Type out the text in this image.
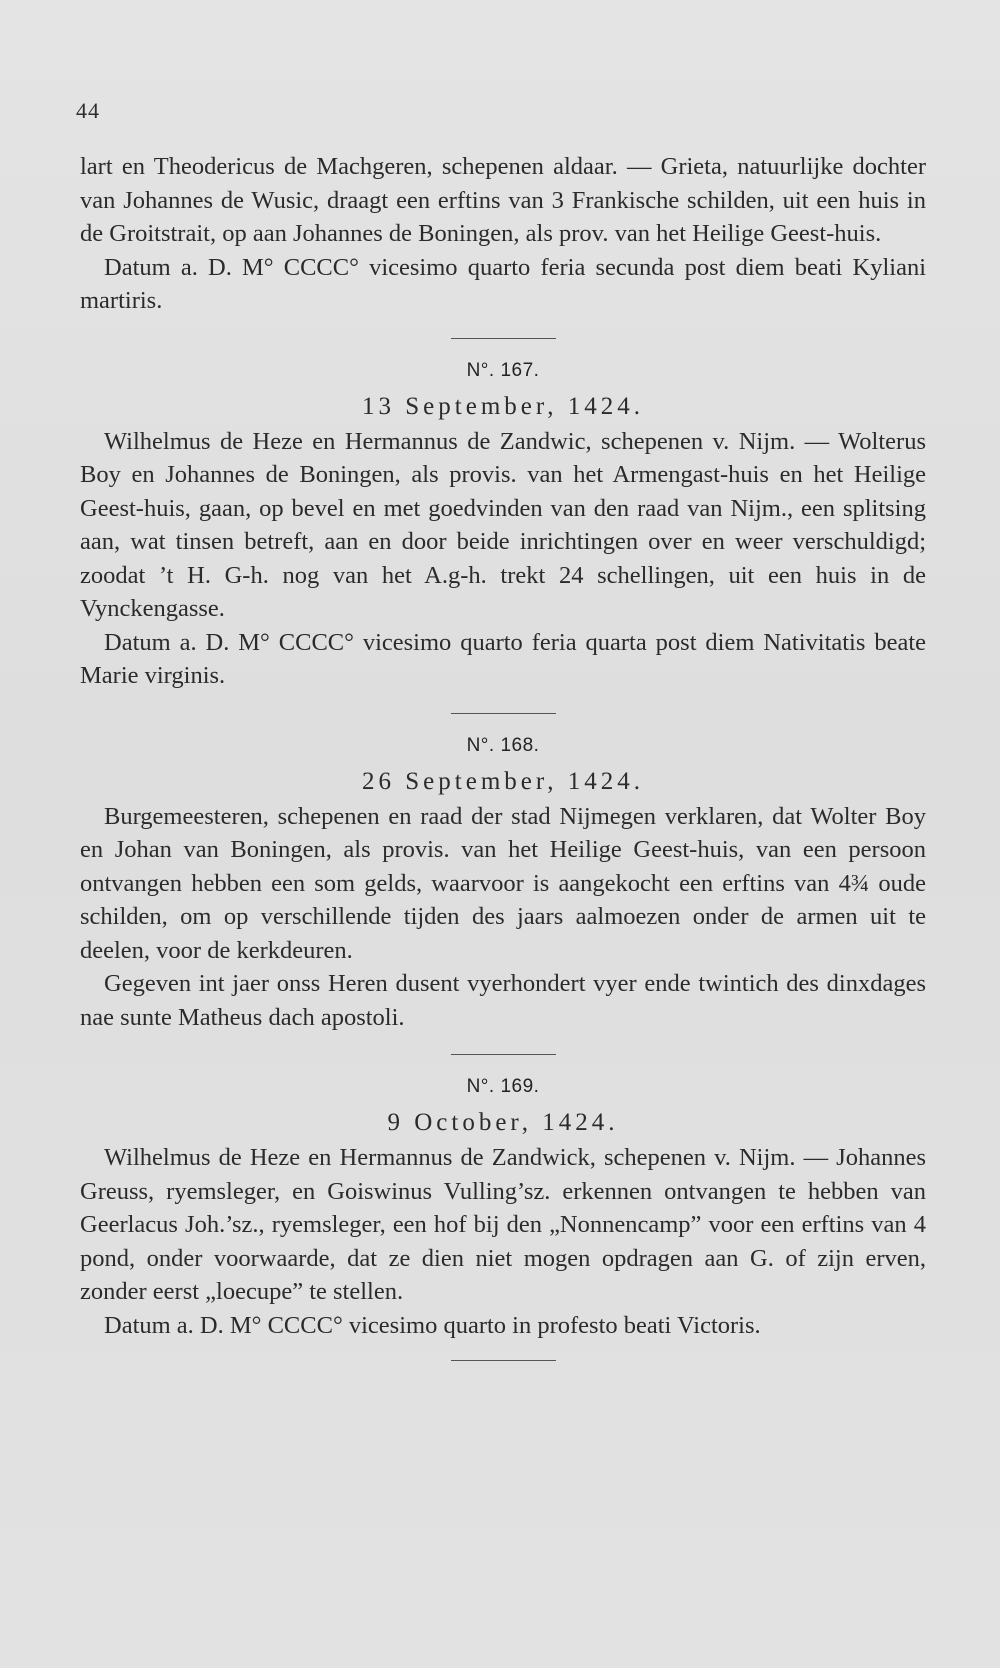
44

lart en Theodericus de Machgeren, schepenen aldaar. — Grieta, natuurlijke dochter van Johannes de Wusic, draagt een erftins van 3 Frankische schilden, uit een huis in de Groitstrait, op aan Johannes de Boningen, als prov. van het Heilige Geest-huis.

Datum a. D. M° CCCC° vicesimo quarto feria secunda post diem beati Kyliani martiris.

N°. 167.

13 September, 1424.

Wilhelmus de Heze en Hermannus de Zandwic, schepenen v. Nijm. — Wolterus Boy en Johannes de Boningen, als provis. van het Armengast-huis en het Heilige Geest-huis, gaan, op bevel en met goedvinden van den raad van Nijm., een splitsing aan, wat tinsen betreft, aan en door beide inrichtingen over en weer verschuldigd; zoodat ’t H. G-h. nog van het A.g-h. trekt 24 schellingen, uit een huis in de Vynckengasse.

Datum a. D. M° CCCC° vicesimo quarto feria quarta post diem Nativitatis beate Marie virginis.

N°. 168.

26 September, 1424.

Burgemeesteren, schepenen en raad der stad Nijmegen verklaren, dat Wolter Boy en Johan van Boningen, als provis. van het Heilige Geest-huis, van een persoon ontvangen hebben een som gelds, waarvoor is aangekocht een erftins van 4¾ oude schilden, om op verschillende tijden des jaars aalmoezen onder de armen uit te deelen, voor de kerkdeuren.

Gegeven int jaer onss Heren dusent vyerhondert vyer ende twintich des dinxdages nae sunte Matheus dach apostoli.

N°. 169.

9 October, 1424.

Wilhelmus de Heze en Hermannus de Zandwick, schepenen v. Nijm. — Johannes Greuss, ryemsleger, en Goiswinus Vulling’sz. erkennen ontvangen te hebben van Geerlacus Joh.’sz., ryemsleger, een hof bij den „Nonnencamp” voor een erftins van 4 pond, onder voorwaarde, dat ze dien niet mogen opdragen aan G. of zijn erven, zonder eerst „loecupe” te stellen.

Datum a. D. M° CCCC° vicesimo quarto in profesto beati Victoris.
